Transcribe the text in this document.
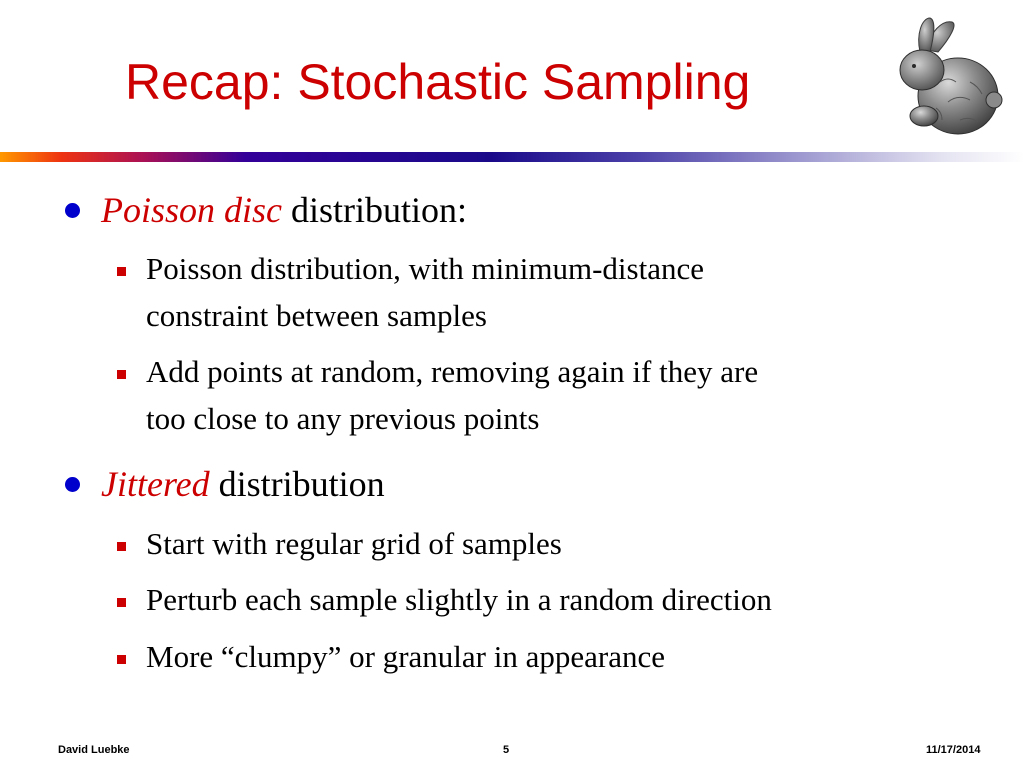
Recap: Stochastic Sampling
Poisson disc distribution:
Poisson distribution, with minimum-distance
constraint between samples
Add points at random, removing again if they are
too close to any previous points
Jittered distribution
Start with regular grid of samples
Perturb each sample slightly in a random direction
More “clumpy” or granular in appearance
David Luebke	5	11/17/2014
